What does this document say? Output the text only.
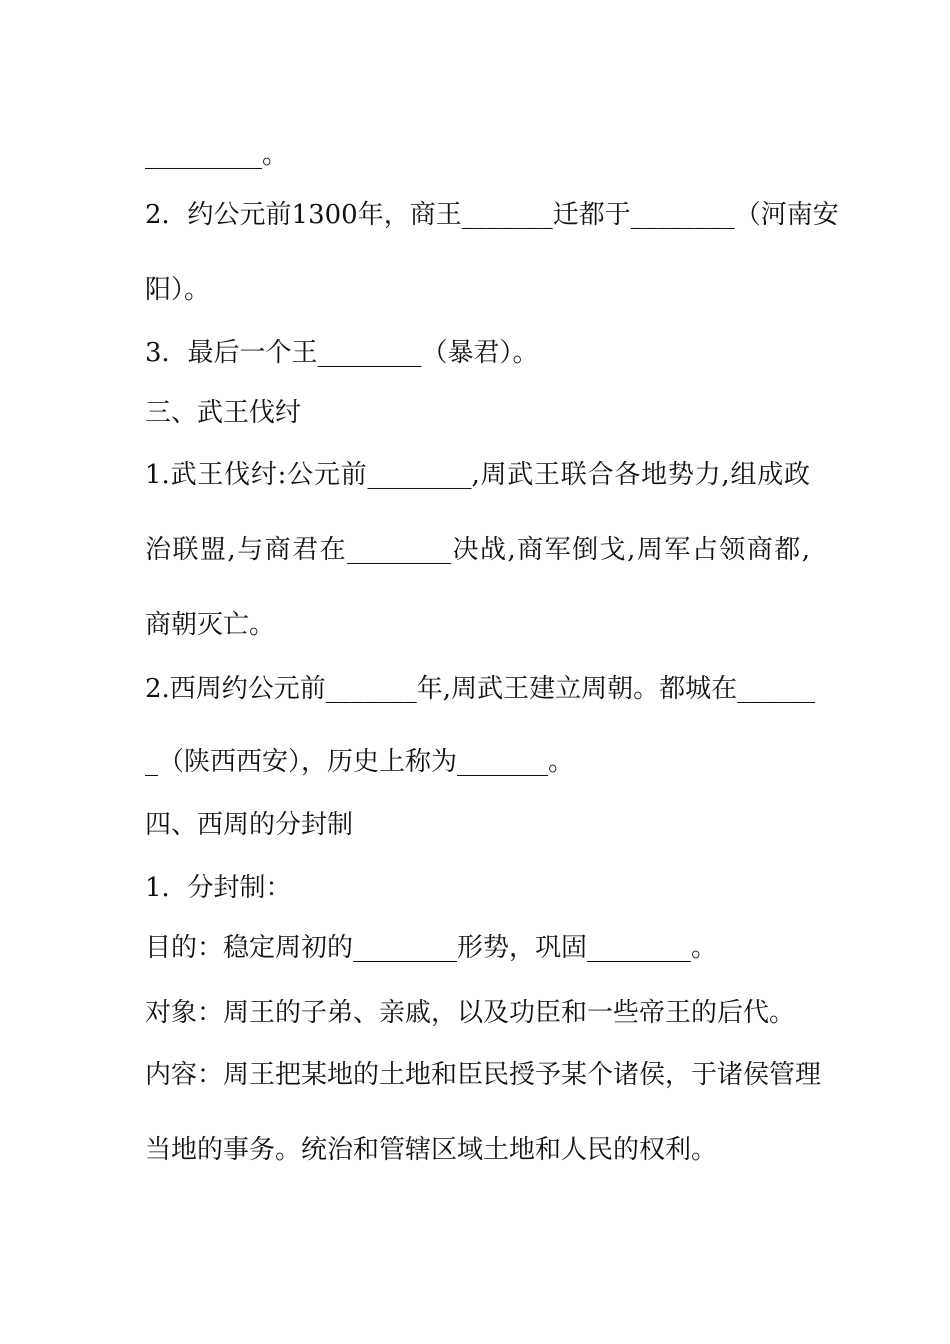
_________。
2．约公元前1300年，商王_______迁都于________（河南安
阳）。
3．最后一个王________（暴君）。
三、武王伐纣
1.武王伐纣:公元前________,周武王联合各地势力,组成政
治联盟,与商君在________决战,商军倒戈,周军占领商都,
商朝灭亡。
2.西周约公元前_______年,周武王建立周朝。都城在______
_（陕西西安），历史上称为_______。
四、西周的分封制
1．分封制：
目的：稳定周初的________形势，巩固________。
对象：周王的子弟、亲戚，以及功臣和一些帝王的后代。
内容：周王把某地的土地和臣民授予某个诸侯，于诸侯管理
当地的事务。统治和管辖区域土地和人民的权利。
